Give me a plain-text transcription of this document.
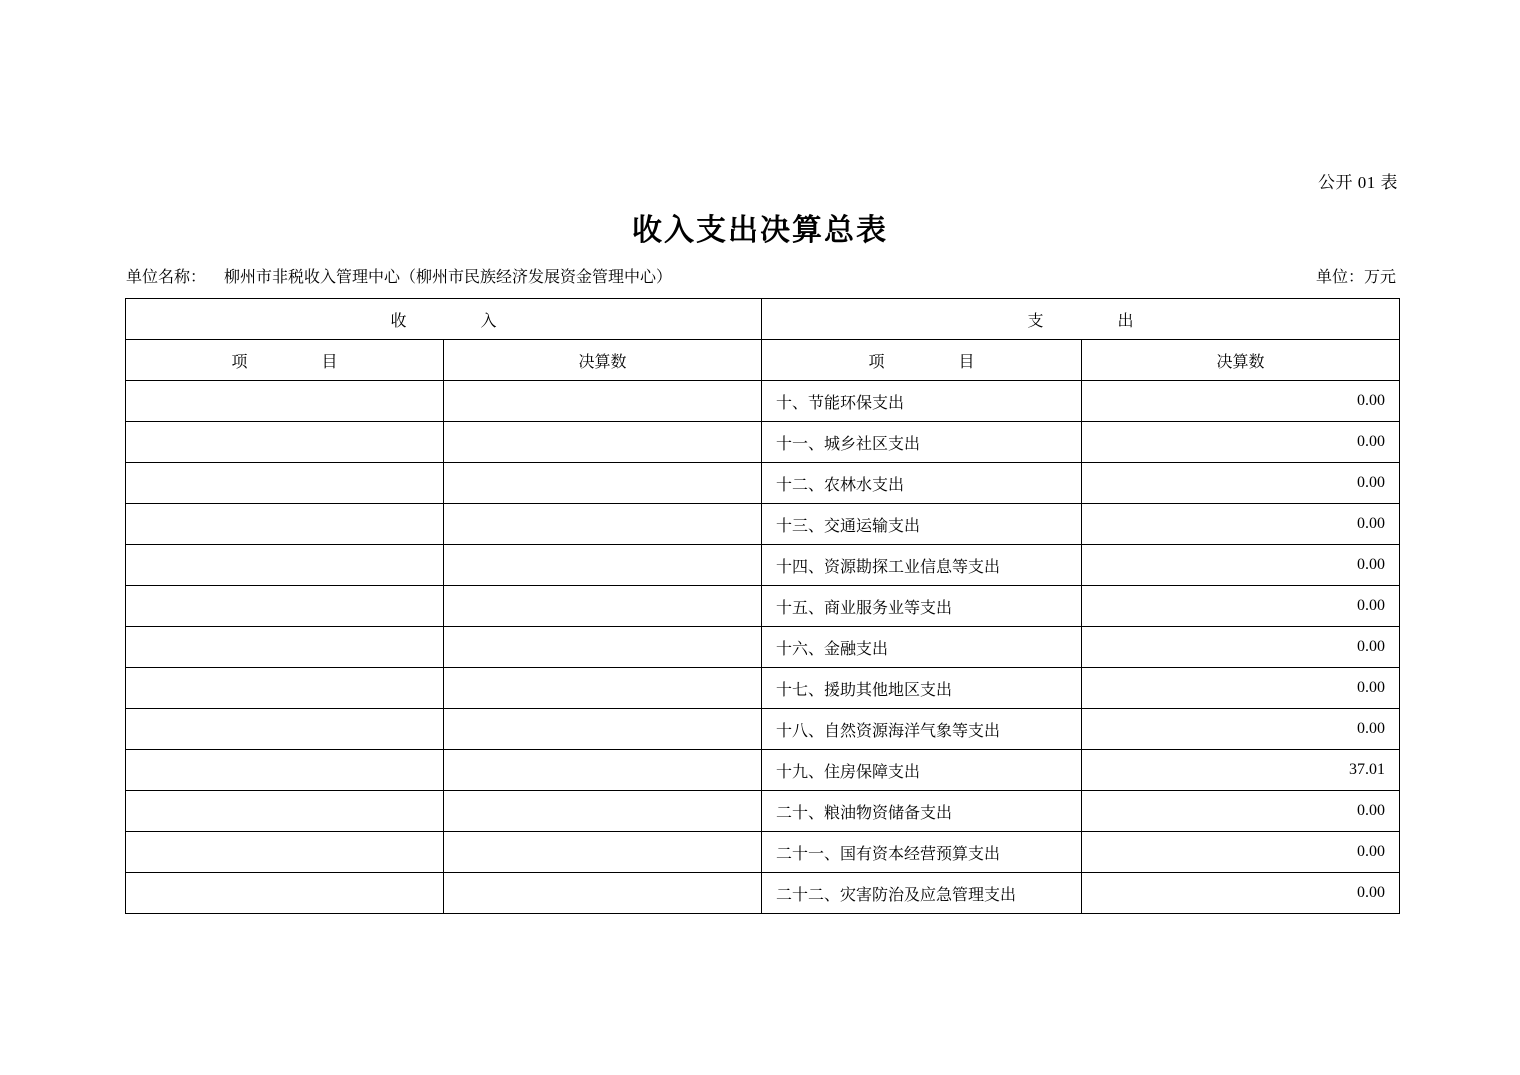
公开 01 表
收入支出决算总表
单位名称： 柳州市非税收入管理中心（柳州市民族经济发展资金管理中心）	单位：万元
收　　入		支　　出	
项　　目	决算数	项　　目	决算数
		十、节能环保支出	0.00
		十一、城乡社区支出	0.00
		十二、农林水支出	0.00
		十三、交通运输支出	0.00
		十四、资源勘探工业信息等支出	0.00
		十五、商业服务业等支出	0.00
		十六、金融支出	0.00
		十七、援助其他地区支出	0.00
		十八、自然资源海洋气象等支出	0.00
		十九、住房保障支出	37.01
		二十、粮油物资储备支出	0.00
		二十一、国有资本经营预算支出	0.00
		二十二、灾害防治及应急管理支出	0.00
